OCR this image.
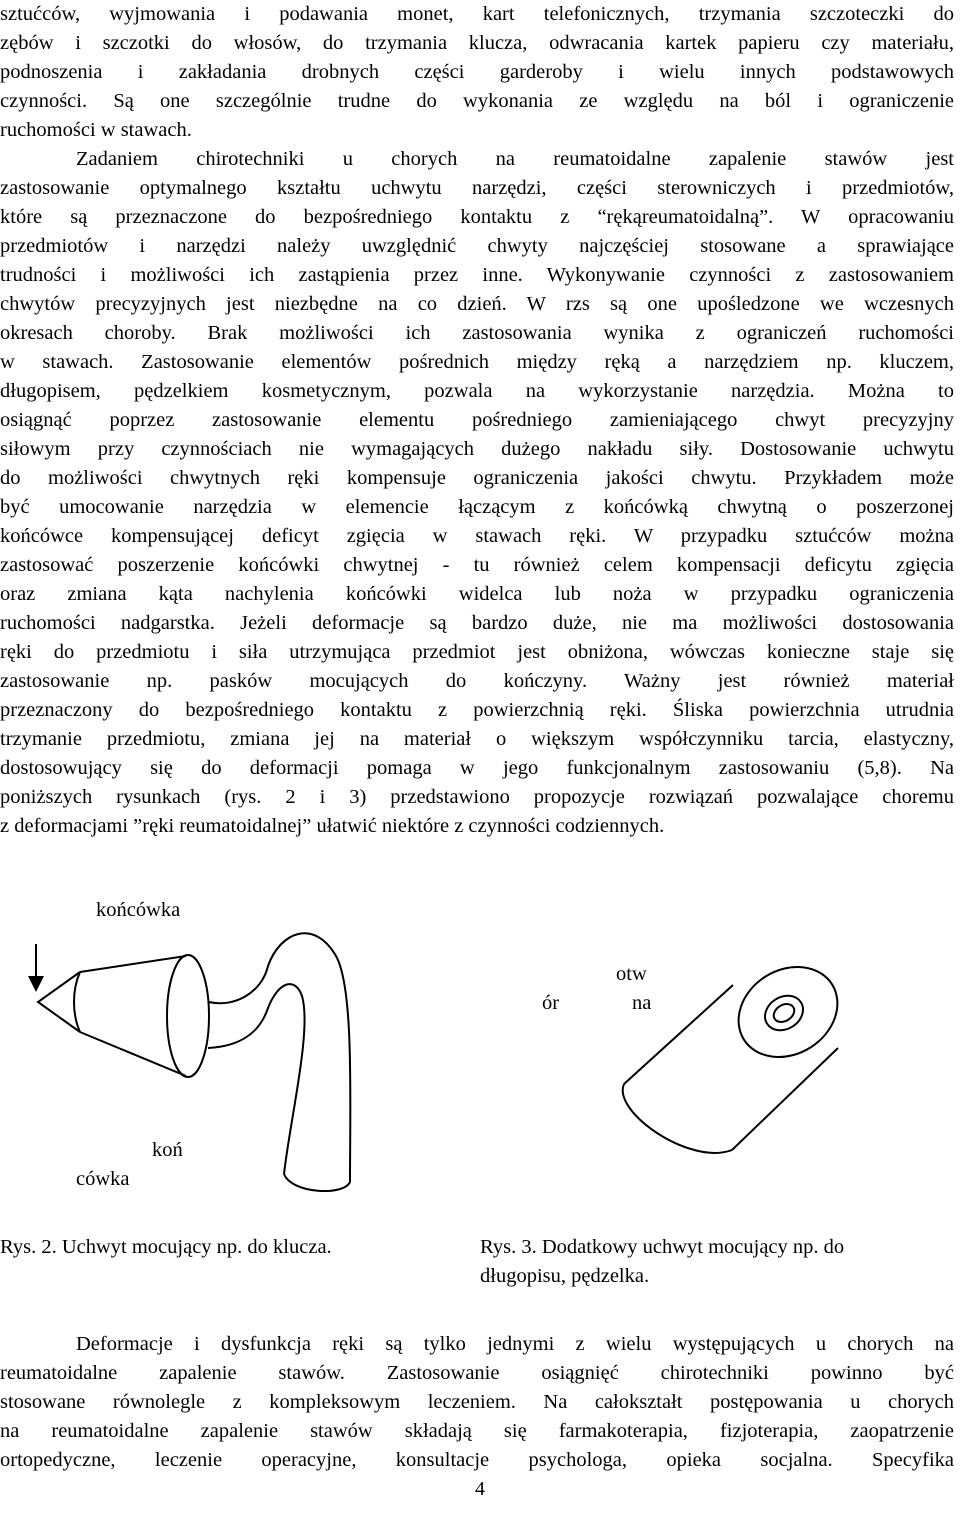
sztućców, wyjmowania i podawania monet, kart telefonicznych, trzymania szczoteczki do
zębów i szczotki do włosów, do trzymania klucza, odwracania kartek papieru czy materiału,
podnoszenia i zakładania drobnych części garderoby i wielu innych podstawowych
czynności. Są one szczególnie trudne do wykonania ze względu na ból i ograniczenie
ruchomości w stawach.
Zadaniem chirotechniki u chorych na reumatoidalne zapalenie stawów jest
zastosowanie optymalnego kształtu uchwytu narzędzi, części sterowniczych i przedmiotów,
które są przeznaczone do bezpośredniego kontaktu z “rękąreumatoidalną”. W opracowaniu
przedmiotów i narzędzi należy uwzględnić chwyty najczęściej stosowane a sprawiające
trudności i możliwości ich zastąpienia przez inne. Wykonywanie czynności z zastosowaniem
chwytów precyzyjnych jest niezbędne na co dzień. W rzs są one upośledzone we wczesnych
okresach choroby. Brak możliwości ich zastosowania wynika z ograniczeń ruchomości
w stawach. Zastosowanie elementów pośrednich między ręką a narzędziem np. kluczem,
długopisem, pędzelkiem kosmetycznym, pozwala na wykorzystanie narzędzia. Można to
osiągnąć poprzez zastosowanie elementu pośredniego zamieniającego chwyt precyzyjny
siłowym przy czynnościach nie wymagających dużego nakładu siły. Dostosowanie uchwytu
do możliwości chwytnych ręki kompensuje ograniczenia jakości chwytu. Przykładem może
być umocowanie narzędzia w elemencie łączącym z końcówką chwytną o poszerzonej
końcówce kompensującej deficyt zgięcia w stawach ręki. W przypadku sztućców można
zastosować poszerzenie końcówki chwytnej - tu również celem kompensacji deficytu zgięcia
oraz zmiana kąta nachylenia końcówki widelca lub noża w przypadku ograniczenia
ruchomości nadgarstka. Jeżeli deformacje są bardzo duże, nie ma możliwości dostosowania
ręki do przedmiotu i siła utrzymująca przedmiot jest obniżona, wówczas konieczne staje się
zastosowanie np. pasków mocujących do kończyny. Ważny jest również materiał
przeznaczony do bezpośredniego kontaktu z powierzchnią ręki. Śliska powierzchnia utrudnia
trzymanie przedmiotu, zmiana jej na materiał o większym współczynniku tarcia, elastyczny,
dostosowujący się do deformacji pomaga w jego funkcjonalnym zastosowaniu (5,8). Na
poniższych rysunkach (rys. 2 i 3) przedstawiono propozycje rozwiązań pozwalające choremu
z deformacjami ”ręki reumatoidalnej” ułatwić niektóre z czynności codziennych.
końcówka
koń
cówka
otw
ór	na
Rys. 2. Uchwyt mocujący np. do klucza.	Rys. 3. Dodatkowy uchwyt mocujący np. do
długopisu, pędzelka.
Deformacje i dysfunkcja ręki są tylko jednymi z wielu występujących u chorych na
reumatoidalne zapalenie stawów. Zastosowanie osiągnięć chirotechniki powinno być
stosowane równolegle z kompleksowym leczeniem. Na całokształt postępowania u chorych
na reumatoidalne zapalenie stawów składają się farmakoterapia, fizjoterapia, zaopatrzenie
ortopedyczne, leczenie operacyjne, konsultacje psychologa, opieka socjalna. Specyfika
4
